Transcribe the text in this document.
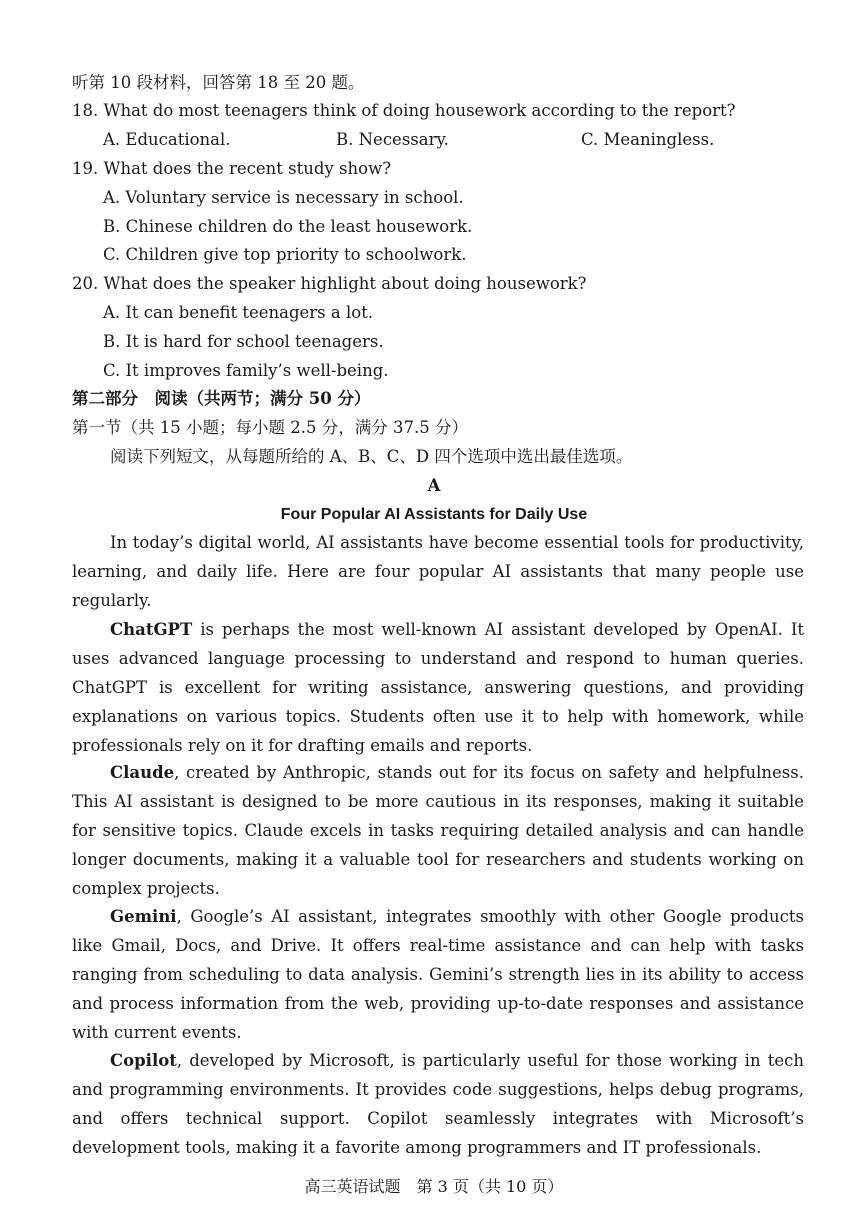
听第 10 段材料，回答第 18 至 20 题。
18. What do most teenagers think of doing housework according to the report?
A. Educational.	B. Necessary.	C. Meaningless.
19. What does the recent study show?
A. Voluntary service is necessary in school.
B. Chinese children do the least housework.
C. Children give top priority to schoolwork.
20. What does the speaker highlight about doing housework?
A. It can benefit teenagers a lot.
B. It is hard for school teenagers.
C. It improves family’s well-being.
第二部分　阅读（共两节；满分 50 分）
第一节（共 15 小题；每小题 2.5 分，满分 37.5 分）
阅读下列短文，从每题所给的 A、B、C、D 四个选项中选出最佳选项。
A
Four Popular AI Assistants for Daily Use
In today’s digital world, AI assistants have become essential tools for productivity, learning, and daily life. Here are four popular AI assistants that many people use regularly.
ChatGPT is perhaps the most well-known AI assistant developed by OpenAI. It uses advanced language processing to understand and respond to human queries. ChatGPT is excellent for writing assistance, answering questions, and providing explanations on various topics. Students often use it to help with homework, while professionals rely on it for drafting emails and reports.
Claude, created by Anthropic, stands out for its focus on safety and helpfulness. This AI assistant is designed to be more cautious in its responses, making it suitable for sensitive topics. Claude excels in tasks requiring detailed analysis and can handle longer documents, making it a valuable tool for researchers and students working on complex projects.
Gemini, Google’s AI assistant, integrates smoothly with other Google products like Gmail, Docs, and Drive. It offers real-time assistance and can help with tasks ranging from scheduling to data analysis. Gemini’s strength lies in its ability to access and process information from the web, providing up-to-date responses and assistance with current events.
Copilot, developed by Microsoft, is particularly useful for those working in tech and programming environments. It provides code suggestions, helps debug programs, and offers technical support. Copilot seamlessly integrates with Microsoft’s development tools, making it a favorite among programmers and IT professionals.
高三英语试题　第 3 页（共 10 页）
